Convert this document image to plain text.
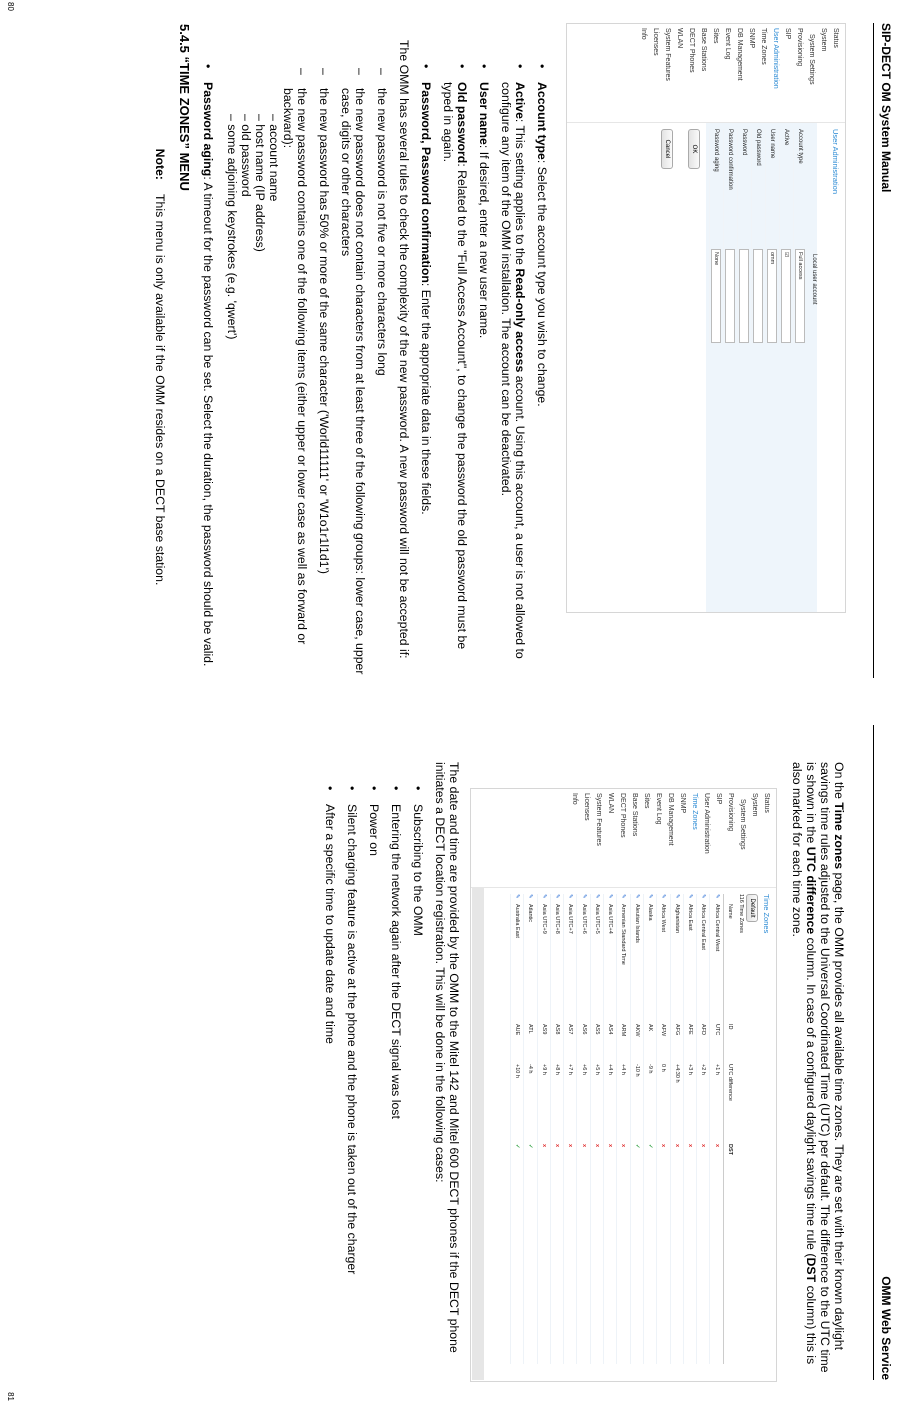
SIP-DECT OM System Manual
Status
System
System Settings
Provisioning
SIP
User Administration
Time Zones
SNMP
DB Management
Event Log
Sites
Base Stations
DECT Phones
WLAN
System Features
Licenses
Info
User Administration
Local user account
Account type
Full access
Active
☑
User name
omm
Old password
Password
Password confirmation
Password aging
None
OK
Cancel
• Account type: Select the account type you wish to change.
• Active: This setting applies to the Read-only access account. Using this account, a user is not allowed to configure any item of the OMM installation. The account can be deactivated.
• User name: If desired, enter a new user name.
• Old password: Related to the "Full Access Account", to change the password the old password must be typed in again.
• Password, Password confirmation: Enter the appropriate data in these fields.

The OMM has several rules to check the complexity of the new password. A new password will not be accepted if:

– the new password is not five or more characters long
– the new password does not contain characters from at least three of the following groups: lower case, upper case, digits or other characters
– the new password has 50% or more of the same character ('World11111' or 'W1o1r1l1d1')
– the new password contains one of the following items (either upper or lower case as well as forward or backward):
– account name
– host name (IP address)
– old password
– some adjoining keystrokes (e.g. 'qwert')
• Password aging: A timeout for the password can be set. Select the duration, the password should be valid.
5.4.5 “TIME ZONES” MENU
Note:
This menu is only available if the OMM resides on a DECT base station.
80
OMM Web Service

On the Time zones page, the OMM provides all available time zones. They are set with their known daylight savings time rules adjusted to the Universal Coordinated Time (UTC) per default. The difference to the UTC time is shown in the UTC difference column. In case of a configured daylight savings time rule (DST column) this is also marked for each time zone.

Status
System
System Settings
Provisioning
SIP
User Administration
Time Zones
SNMP
DB Management
Event Log
Sites
Base Stations
DECT Phones
WLAN
System Features
Licenses
Info
Time Zones
Default
116 Time Zones
Name
ID
UTC difference
DST
✎
Africa Central West
UTC
+1 h
x
✎
Africa Central East
AFD
+2 h
x
✎
Africa East
AFE
+3 h
x
✎
Afghanistan
AFG
+4:30 h
x
✎
Africa West
AFW
0 h
x
✎
Alaska
AK
-9 h
✓
✎
Aleutian Islands
AKW
-10 h
✓
✎
Armenian Standard Time
ARM
+4 h
x
✎
Asia UTC+4
AS4
+4 h
x
✎
Asia UTC+5
AS5
+5 h
x
✎
Asia UTC+6
AS6
+6 h
x
✎
Asia UTC+7
AS7
+7 h
x
✎
Asia UTC+8
AS8
+8 h
x
✎
Asia UTC+9
AS9
+9 h
x
✎
Atlantic
ATL
-4 h
✓
✎
Australia East
AUE
+10 h
✓

The date and time are provided by the OMM to the Mitel 142 and Mitel 600 DECT phones if the DECT phone initiates a DECT location registration. This will be done in the following cases:

• Subscribing to the OMM
• Entering the network again after the DECT signal was lost
• Power on
• Silent charging feature is active at the phone and the phone is taken out of the charger
• After a specific time to update date and time
81
